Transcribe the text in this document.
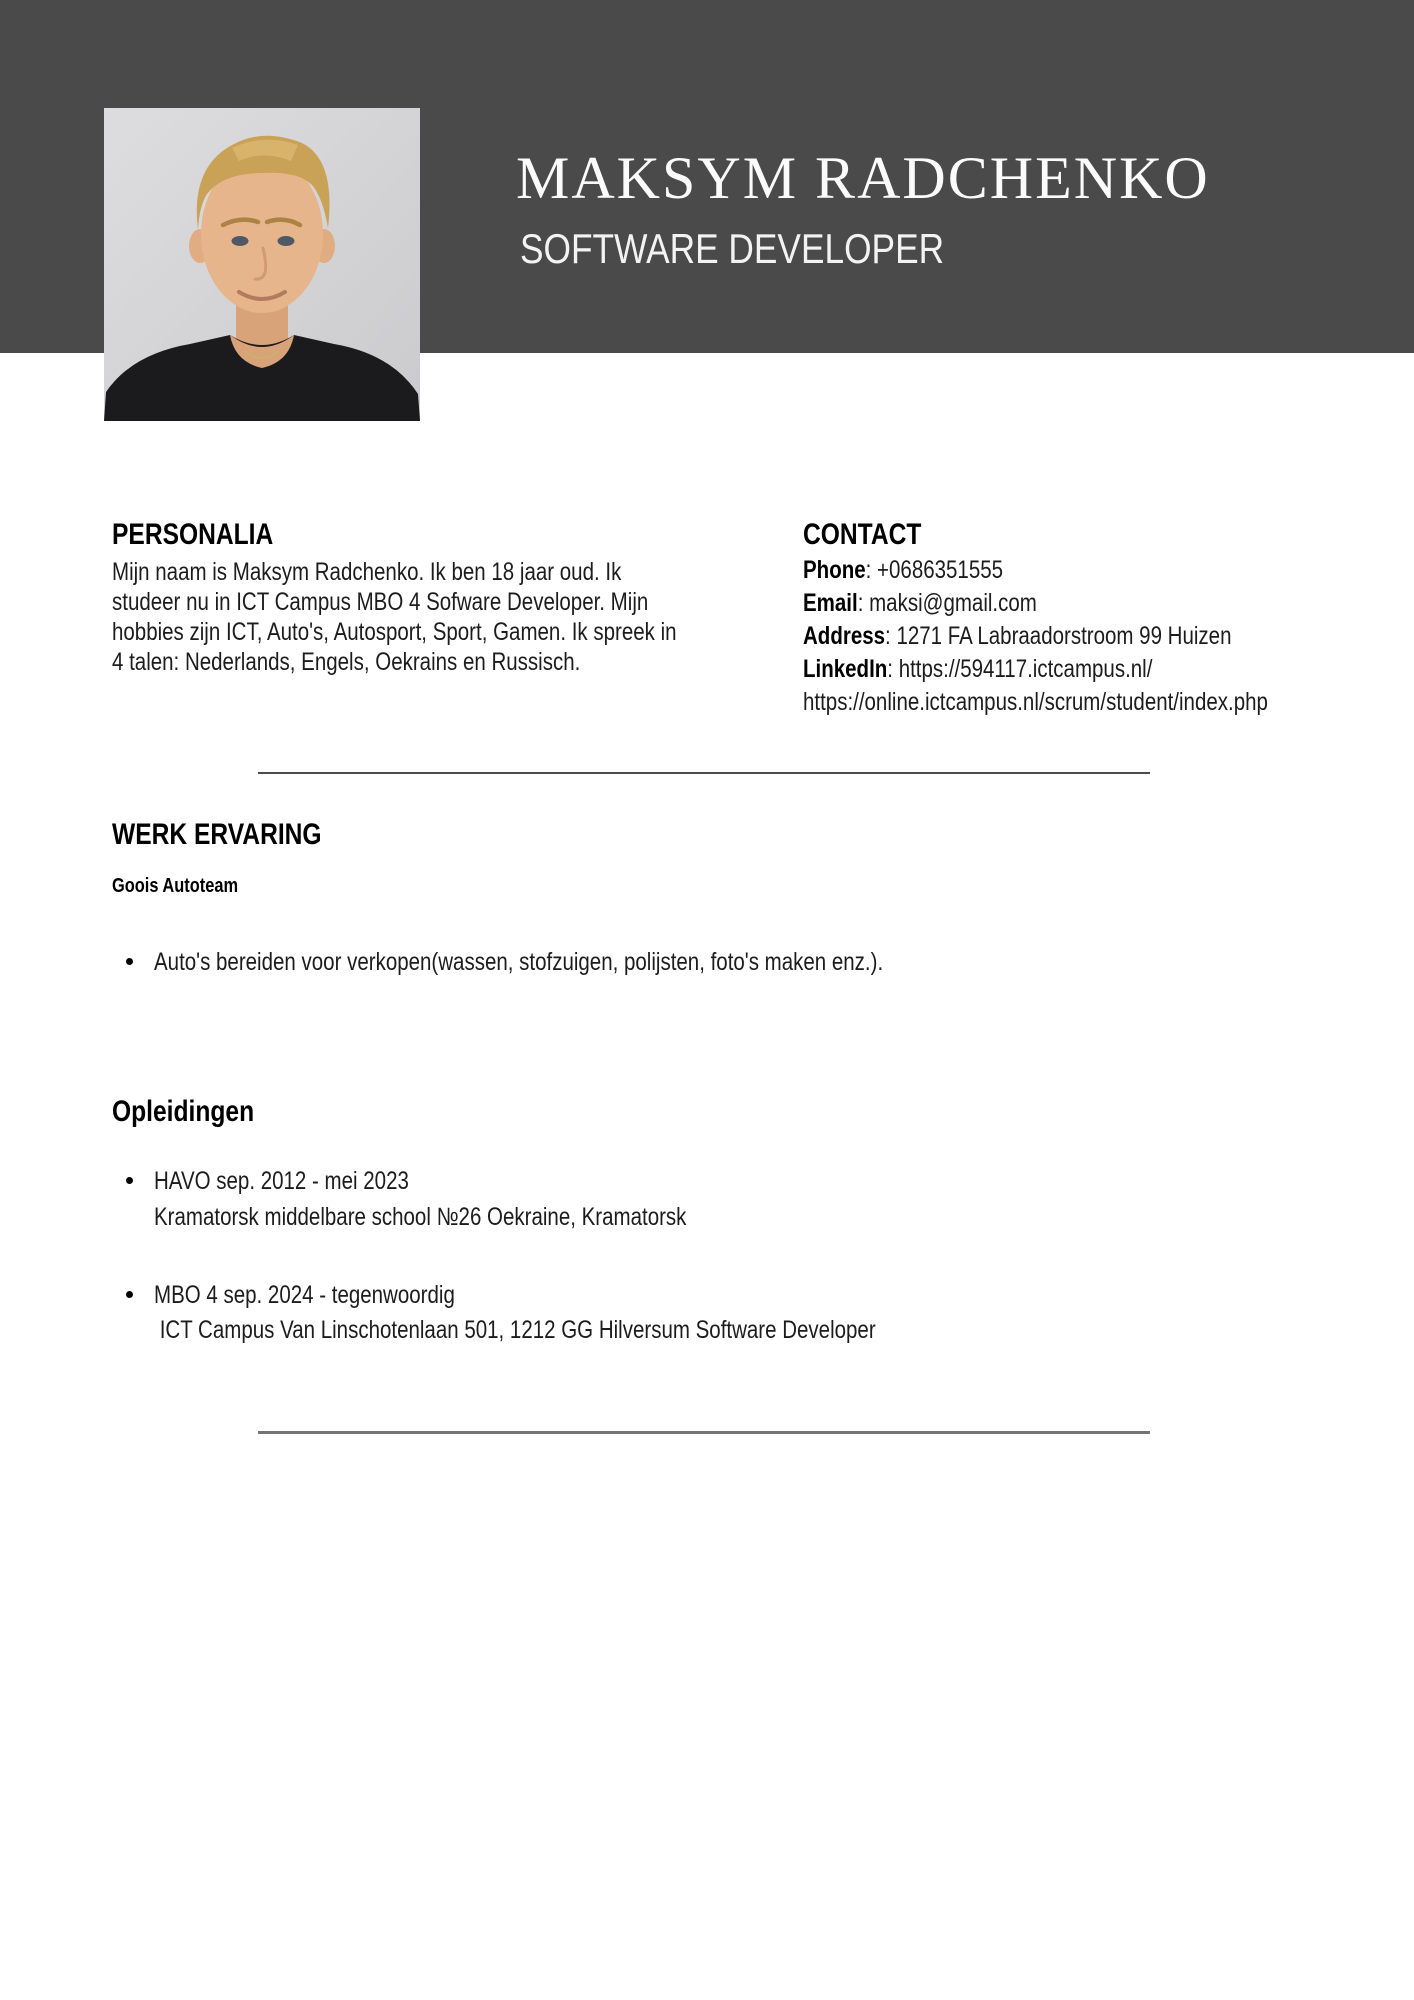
MAKSYM RADCHENKO
SOFTWARE DEVELOPER
PERSONALIA
Mijn naam is Maksym Radchenko. Ik ben 18 jaar oud. Ik
studeer nu in ICT Campus MBO 4 Sofware Developer. Mijn
hobbies zijn ICT, Auto's, Autosport, Sport, Gamen. Ik spreek in
4 talen: Nederlands, Engels, Oekrains en Russisch.
CONTACT
Phone: +0686351555
Email: maksi@gmail.com
Address: 1271 FA Labraadorstroom 99 Huizen
LinkedIn: https://594117.ictcampus.nl/
https://online.ictcampus.nl/scrum/student/index.php
WERK ERVARING
Goois Autoteam
Auto's bereiden voor verkopen(wassen, stofzuigen, polijsten, foto's maken enz.).
Opleidingen
HAVO sep. 2012 - mei 2023
Kramatorsk middelbare school №26 Oekraine, Kramatorsk
MBO 4 sep. 2024 - tegenwoordig
ICT Campus Van Linschotenlaan 501, 1212 GG Hilversum Software Developer
